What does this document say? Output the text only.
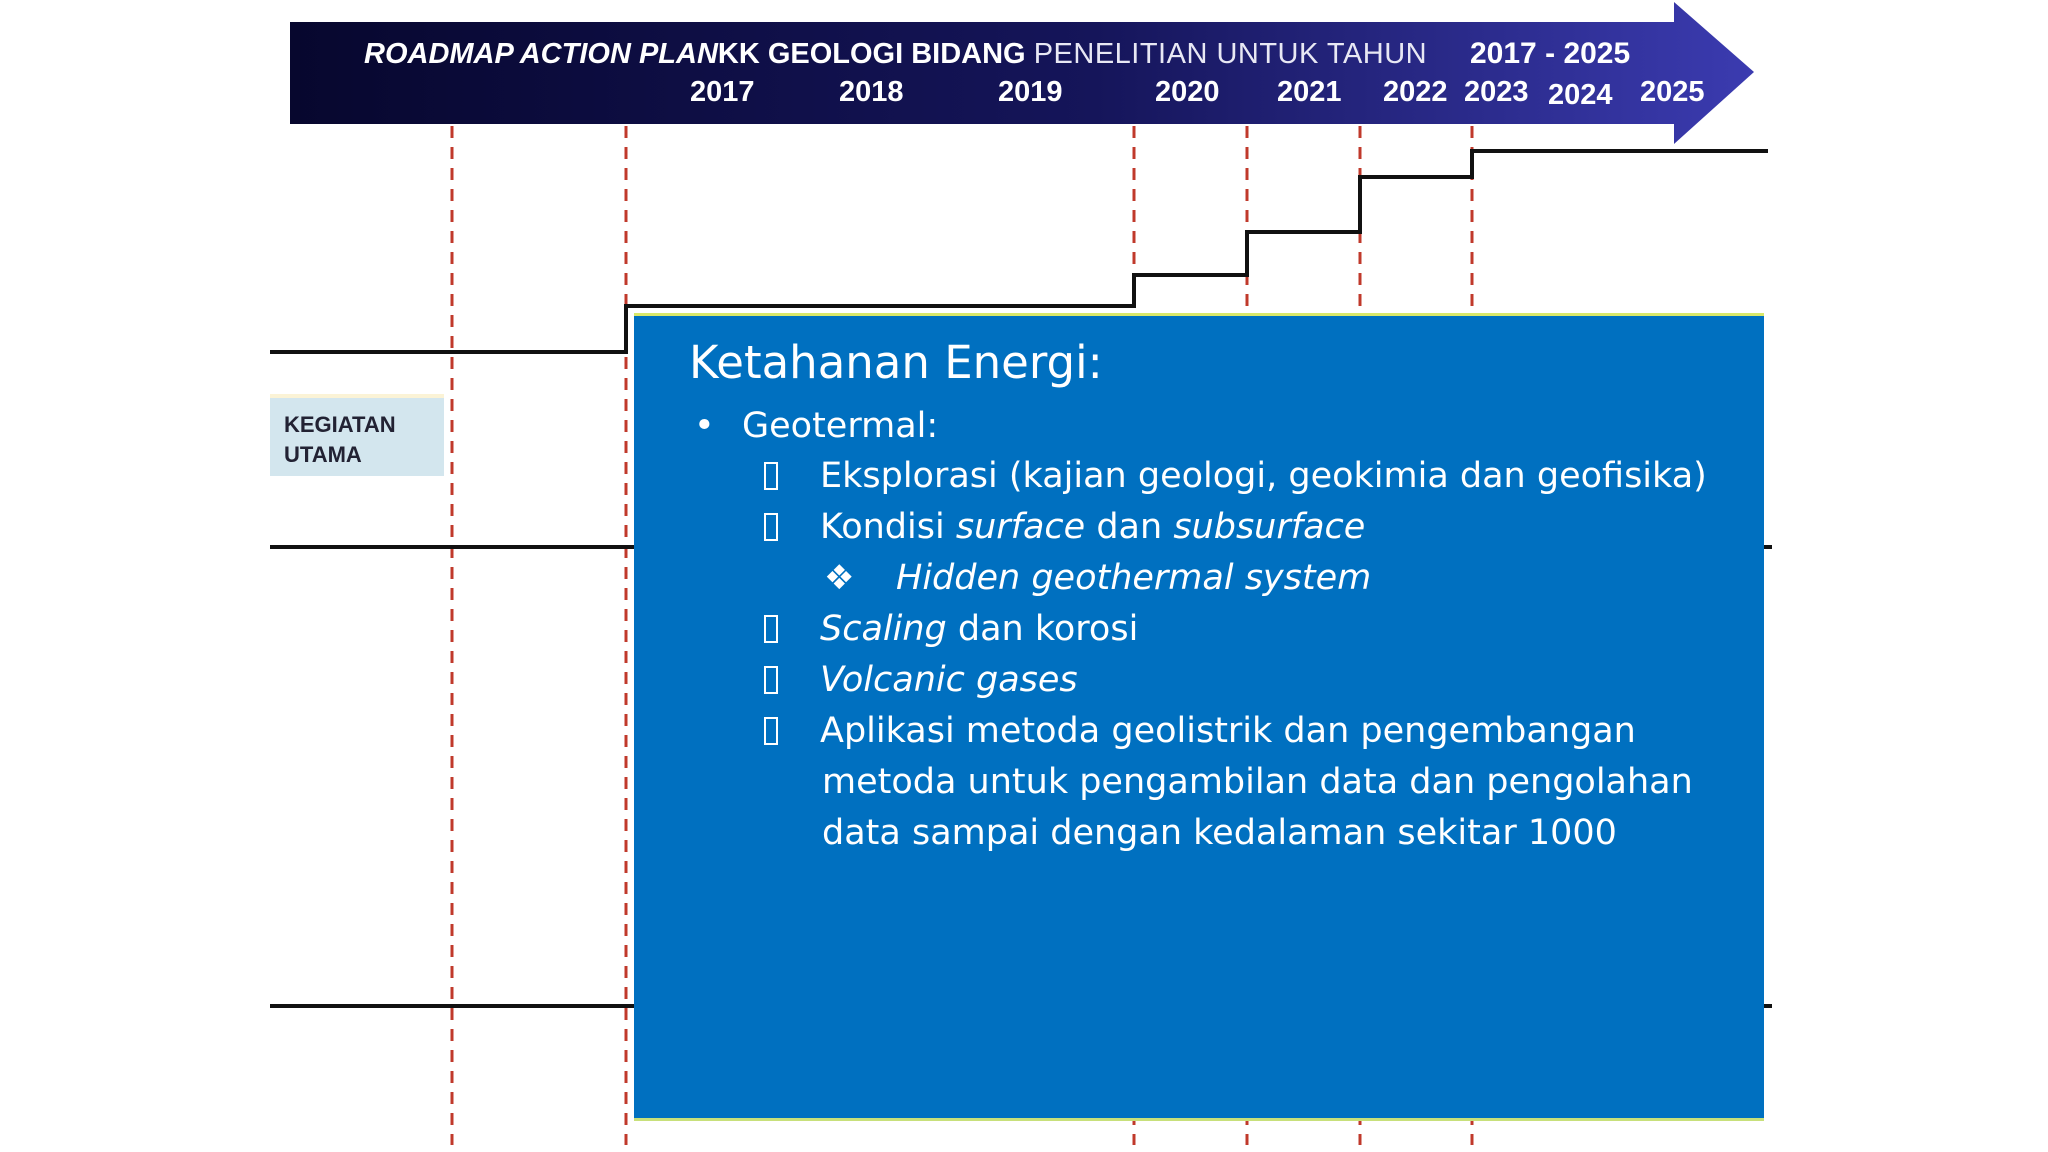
ROADMAP ACTION PLANKK GEOLOGI BIDANG PENELITIAN UNTUK TAHUN 2017 - 2025
2017	2018	2019	2020 2021 2022 2023 2024 2025
KEGIATAN
UTAMA
Ketahanan Energi:
• Geotermal:
Eksplorasi (kajian geologi, geokimia dan geofisika)
Kondisi surface dan subsurface
❖ Hidden geothermal system
Scaling dan korosi
Volcanic gases
Aplikasi metoda geolistrik dan pengembangan
metoda untuk pengambilan data dan pengolahan
data sampai dengan kedalaman sekitar 1000
